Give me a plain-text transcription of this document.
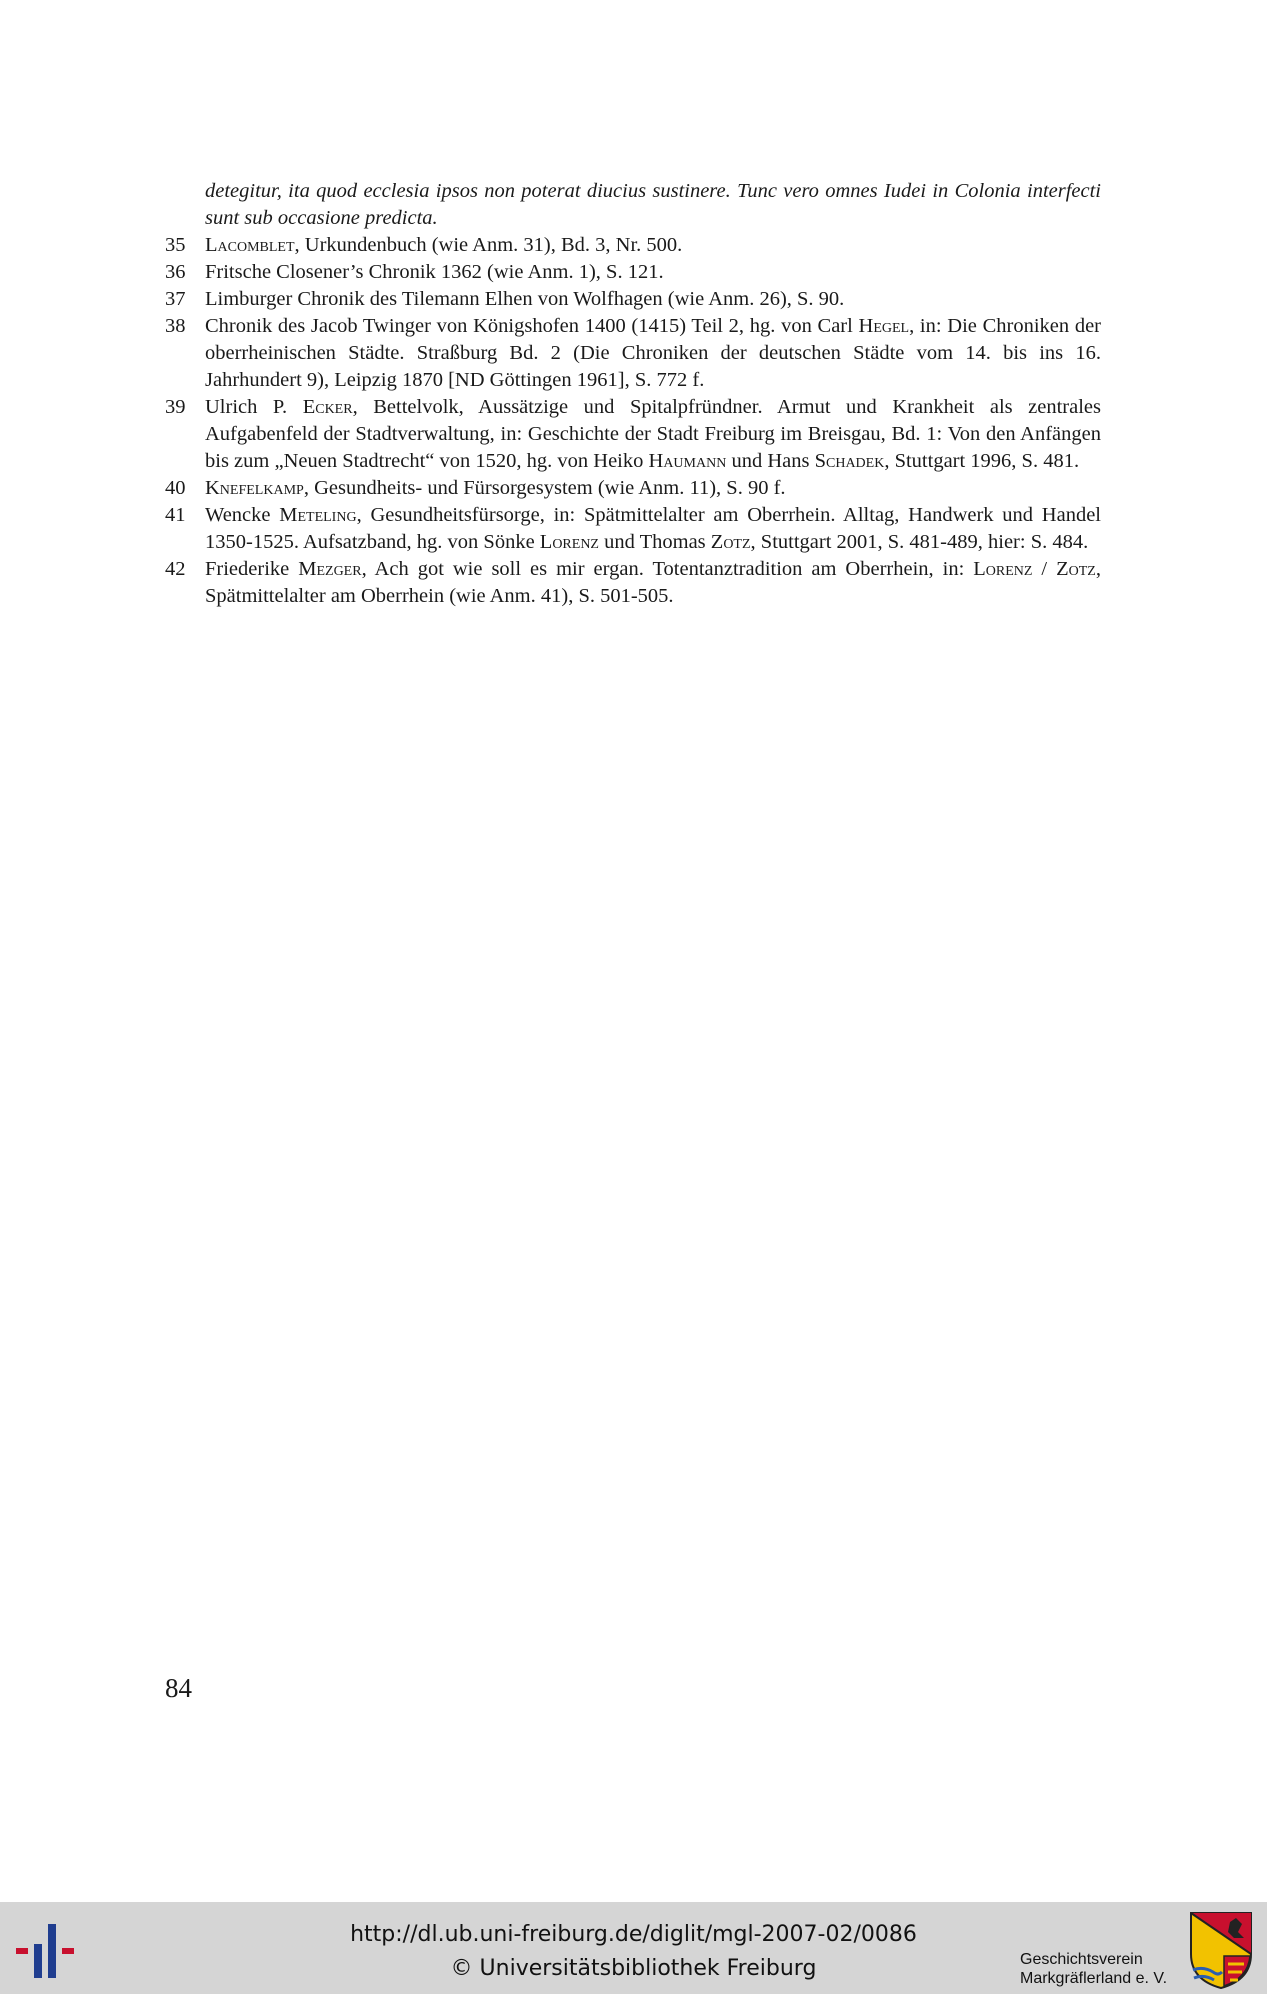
detegitur, ita quod ecclesia ipsos non poterat diucius sustinere. Tunc vero omnes Iudei in Colonia interfecti sunt sub occasione predicta.
35 Lacomblet, Urkundenbuch (wie Anm. 31), Bd. 3, Nr. 500.
36 Fritsche Closener’s Chronik 1362 (wie Anm. 1), S. 121.
37 Limburger Chronik des Tilemann Elhen von Wolfhagen (wie Anm. 26), S. 90.
38 Chronik des Jacob Twinger von Königshofen 1400 (1415) Teil 2, hg. von Carl Hegel, in: Die Chroniken der oberrheinischen Städte. Straßburg Bd. 2 (Die Chroniken der deutschen Städte vom 14. bis ins 16. Jahrhundert 9), Leipzig 1870 [ND Göttingen 1961], S. 772 f.
39 Ulrich P. Ecker, Bettelvolk, Aussätzige und Spitalpfründner. Armut und Krankheit als zentrales Aufgabenfeld der Stadtverwaltung, in: Geschichte der Stadt Freiburg im Breisgau, Bd. 1: Von den Anfängen bis zum „Neuen Stadtrecht“ von 1520, hg. von Heiko Haumann und Hans Schadek, Stuttgart 1996, S. 481.
40 Knefelkamp, Gesundheits- und Fürsorgesystem (wie Anm. 11), S. 90 f.
41 Wencke Meteling, Gesundheitsfürsorge, in: Spätmittelalter am Oberrhein. Alltag, Handwerk und Handel 1350-1525. Aufsatzband, hg. von Sönke Lorenz und Thomas Zotz, Stuttgart 2001, S. 481-489, hier: S. 484.
42 Friederike Mezger, Ach got wie soll es mir ergan. Totentanztradition am Oberrhein, in: Lorenz / Zotz, Spätmittelalter am Oberrhein (wie Anm. 41), S. 501-505.
84
http://dl.ub.uni-freiburg.de/diglit/mgl-2007-02/0086
© Universitätsbibliothek Freiburg	Geschichtsverein
Markgräflerland e. V.
